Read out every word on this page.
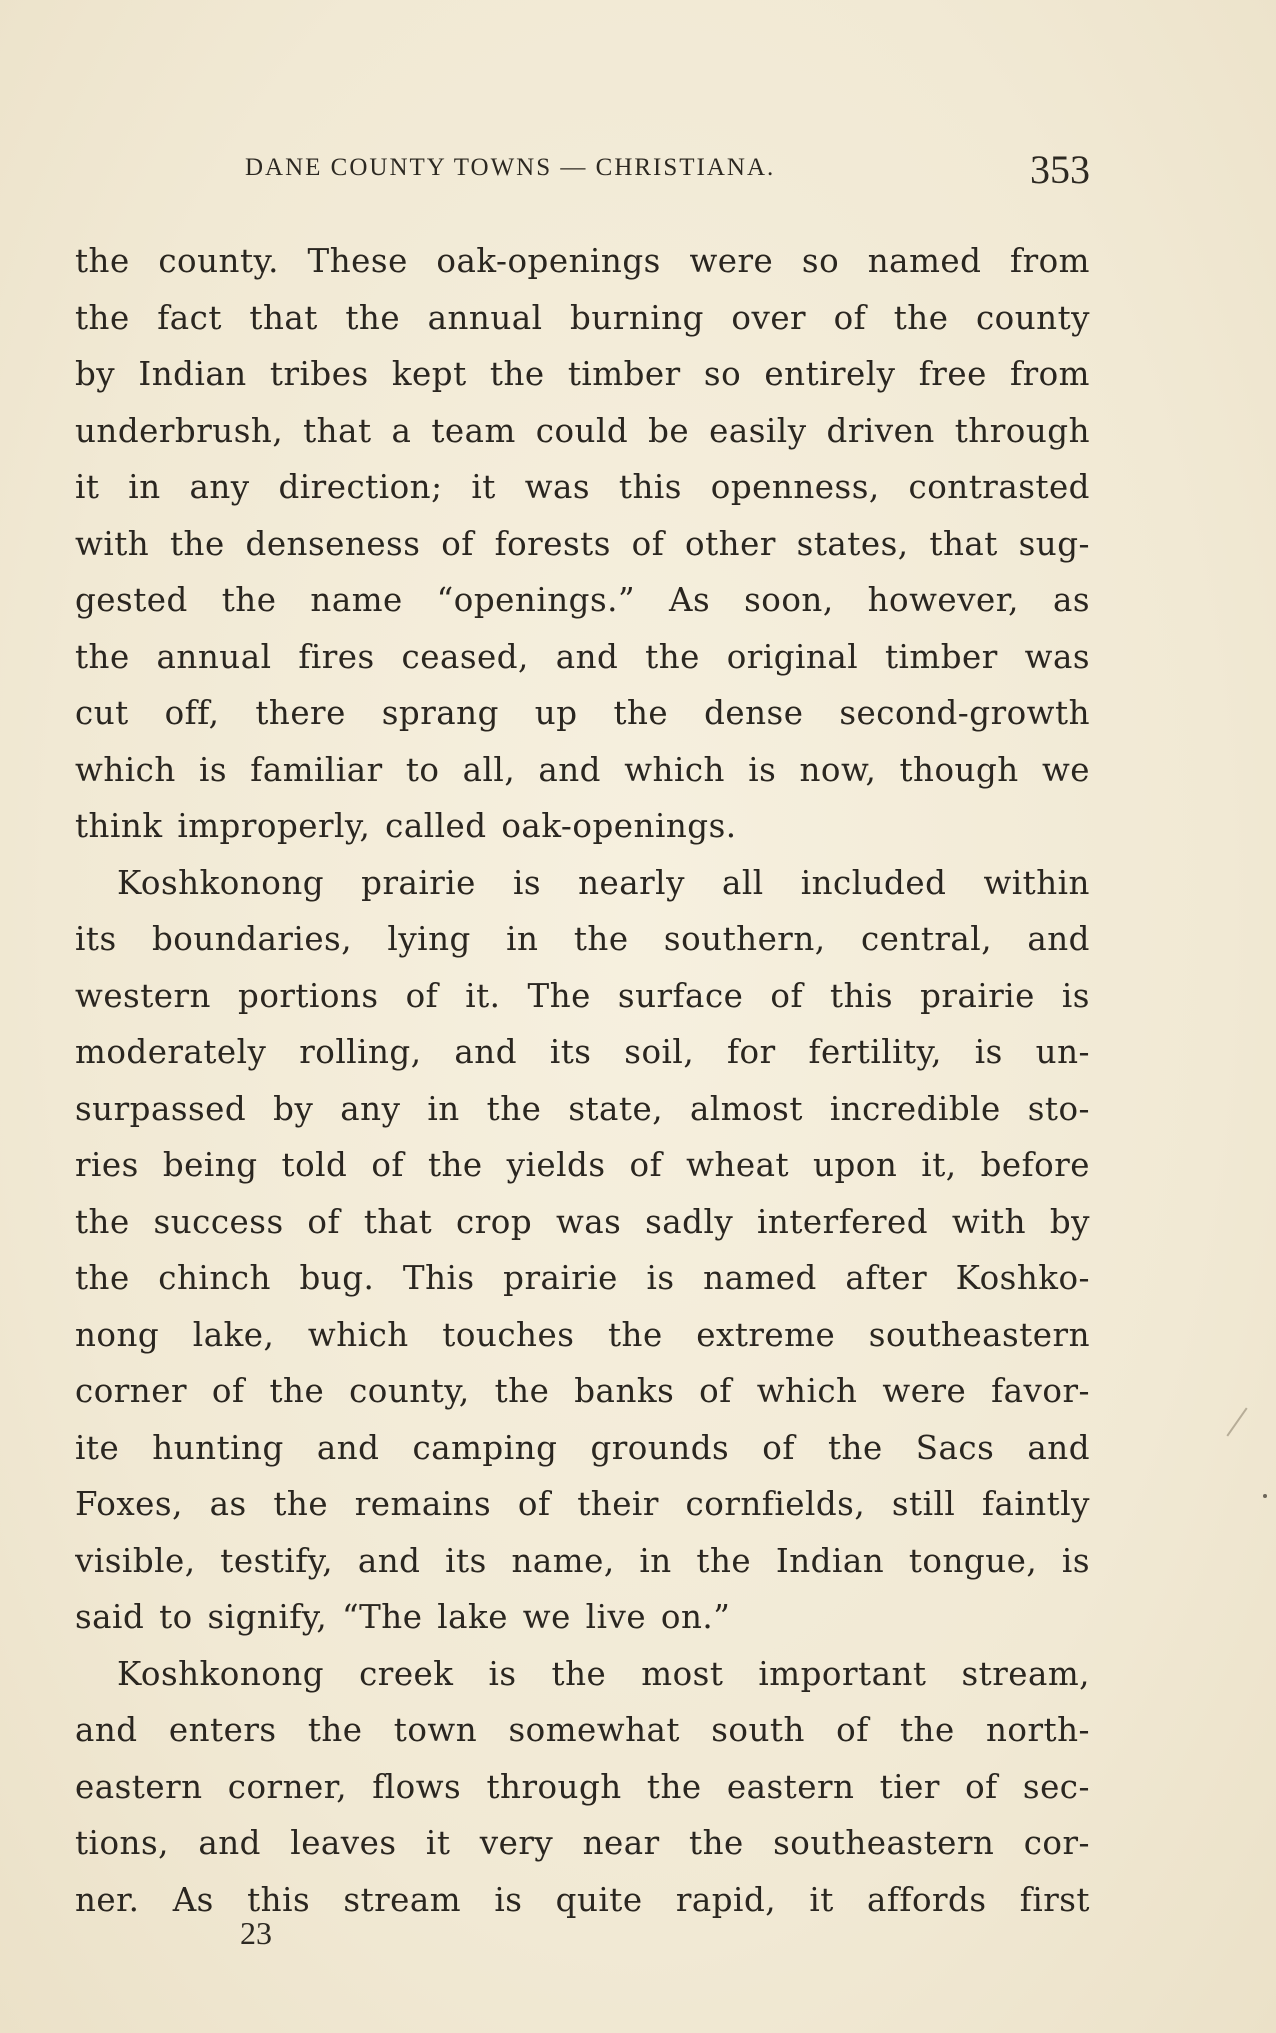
DANE COUNTY TOWNS — CHRISTIANA.	353
the county. These oak-openings were so named from
the fact that the annual burning over of the county
by Indian tribes kept the timber so entirely free from
underbrush, that a team could be easily driven through
it in any direction; it was this openness, contrasted
with the denseness of forests of other states, that sug-
gested the name “openings.” As soon, however, as
the annual fires ceased, and the original timber was
cut off, there sprang up the dense second-growth
which is familiar to all, and which is now, though we
think improperly, called oak-openings.
Koshkonong prairie is nearly all included within
its boundaries, lying in the southern, central, and
western portions of it. The surface of this prairie is
moderately rolling, and its soil, for fertility, is un-
surpassed by any in the state, almost incredible sto-
ries being told of the yields of wheat upon it, before
the success of that crop was sadly interfered with by
the chinch bug. This prairie is named after Koshko-
nong lake, which touches the extreme southeastern
corner of the county, the banks of which were favor-
ite hunting and camping grounds of the Sacs and
Foxes, as the remains of their cornfields, still faintly
visible, testify, and its name, in the Indian tongue, is
said to signify, “The lake we live on.”
Koshkonong creek is the most important stream,
and enters the town somewhat south of the north-
eastern corner, flows through the eastern tier of sec-
tions, and leaves it very near the southeastern cor-
ner. As this stream is quite rapid, it affords first
23
